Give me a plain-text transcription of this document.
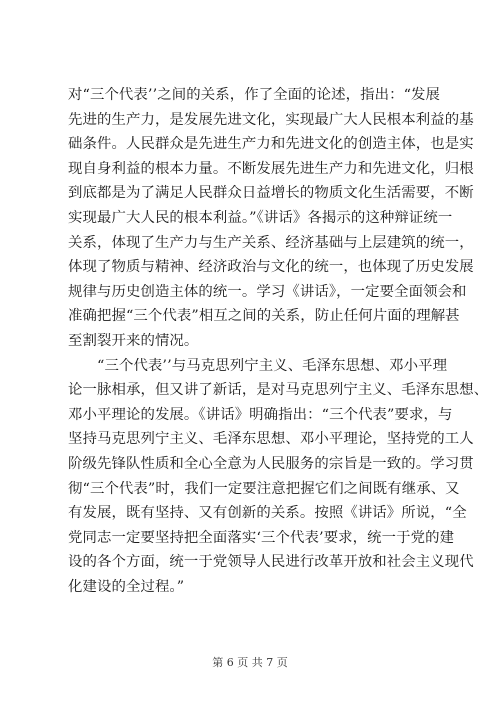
对“三个代表’’之间的关系，作了全面的论述，指出：“发展
先进的生产力，是发展先进文化，实现最广大人民根本利益的基
础条件。人民群众是先进生产力和先进文化的创造主体，也是实
现自身利益的根本力量。不断发展先进生产力和先进文化，归根
到底都是为了满足人民群众日益增长的物质文化生活需要，不断
实现最广大人民的根本利益。”《讲话》各揭示的这种辩证统一
关系，体现了生产力与生产关系、经济基础与上层建筑的统一，
体现了物质与精神、经济政治与文化的统一，也体现了历史发展
规律与历史创造主体的统一。学习《讲话》，一定要全面领会和
准确把握“三个代表”相互之间的关系，防止任何片面的理解甚
至割裂开来的情况。
“三个代表’’与马克思列宁主义、毛泽东思想、邓小平理
论一脉相承，但又讲了新话，是对马克思列宁主义、毛泽东思想、
邓小平理论的发展。《讲话》明确指出：“三个代表”要求，与
坚持马克思列宁主义、毛泽东思想、邓小平理论，坚持党的工人
阶级先锋队性质和全心全意为人民服务的宗旨是一致的。学习贯
彻“三个代表”时，我们一定要注意把握它们之间既有继承、又
有发展，既有坚持、又有创新的关系。按照《讲话》所说，“全
党同志一定要坚持把全面落实‘三个代表’要求，统一于党的建
设的各个方面，统一于党领导人民进行改革开放和社会主义现代
化建设的全过程。”
第 6 页 共 7 页
